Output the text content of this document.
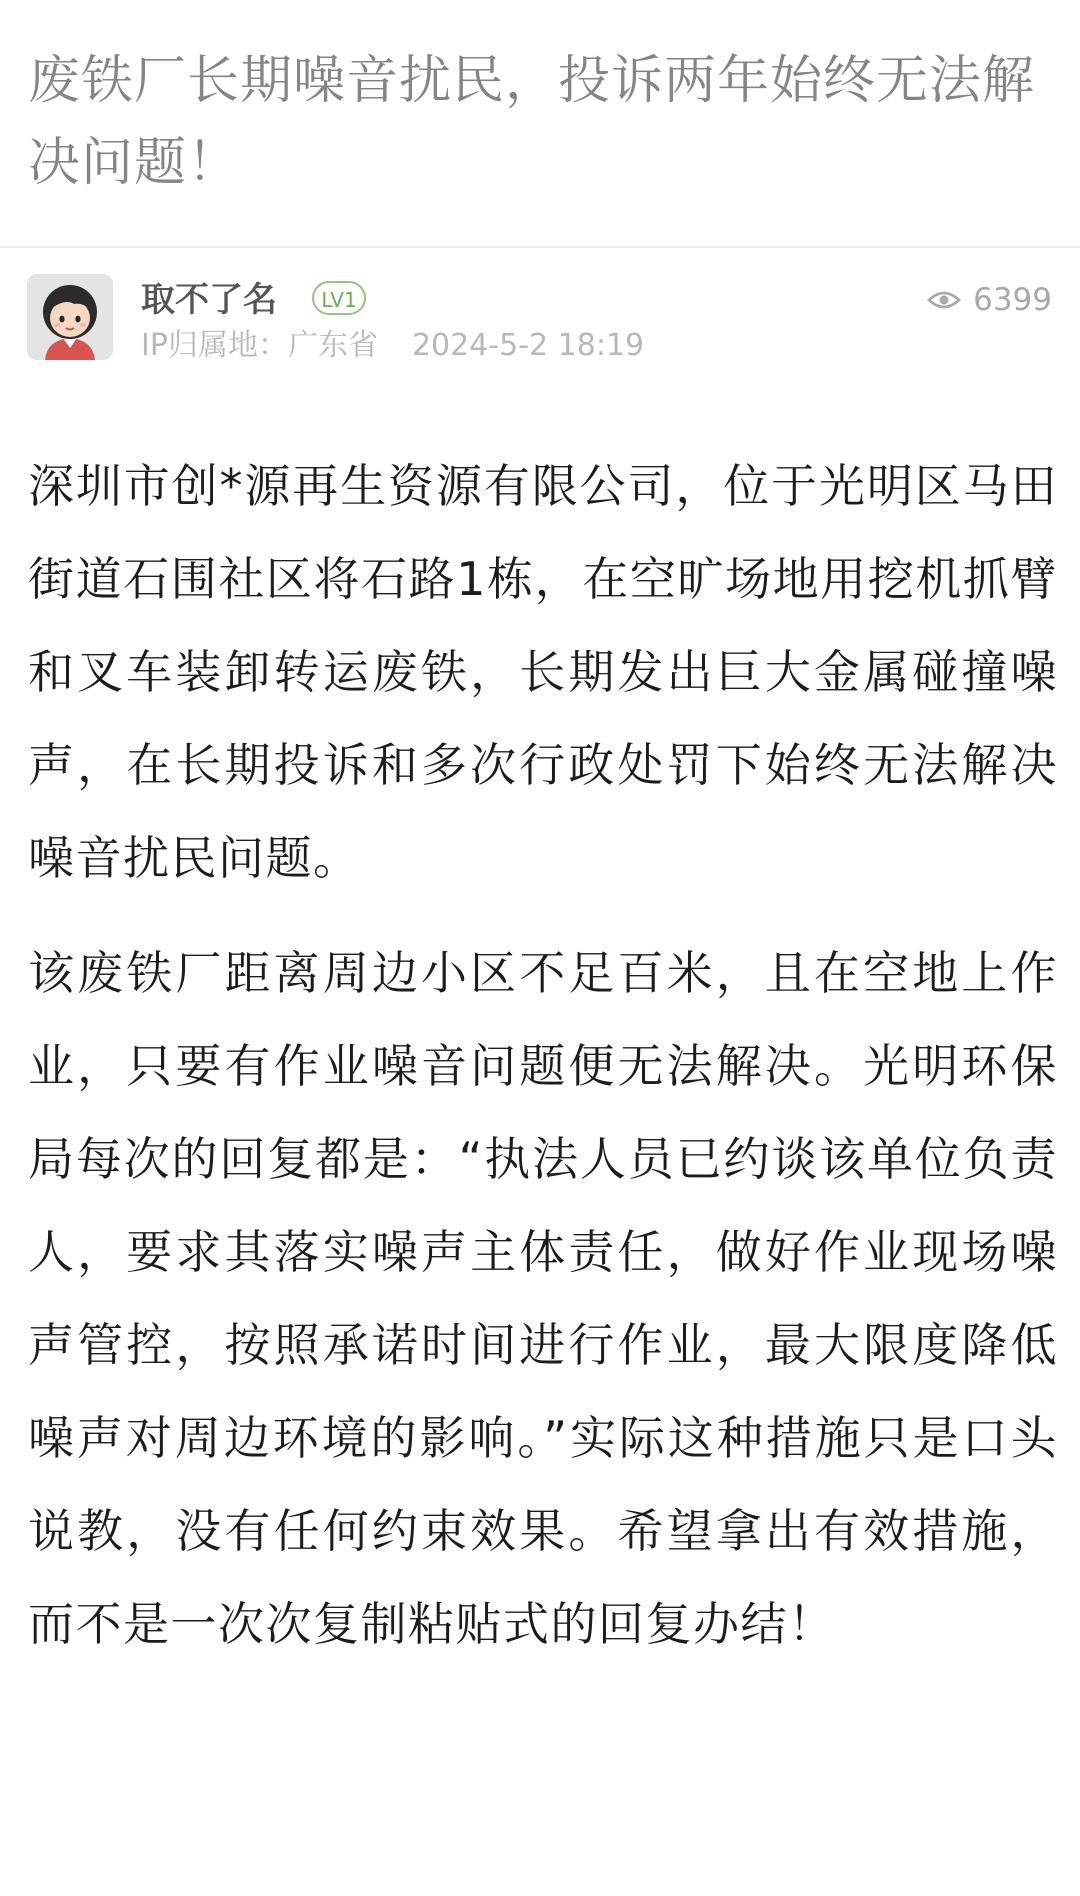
废铁厂长期噪音扰民，投诉两年始终无法解决问题！
取不了名	LV1
IP归属地：广东省 2024-5-2 18:19
6399

深圳市创*源再生资源有限公司，位于光明区马田街道石围社区将石路1栋，在空旷场地用挖机抓臂和叉车装卸转运废铁，长期发出巨大金属碰撞噪声，在长期投诉和多次行政处罚下始终无法解决噪音扰民问题。

该废铁厂距离周边小区不足百米，且在空地上作业，只要有作业噪音问题便无法解决。光明环保局每次的回复都是：“执法人员已约谈该单位负责人，要求其落实噪声主体责任，做好作业现场噪声管控，按照承诺时间进行作业，最大限度降低噪声对周边环境的影响。”实际这种措施只是口头说教，没有任何约束效果。希望拿出有效措施，而不是一次次复制粘贴式的回复办结！
